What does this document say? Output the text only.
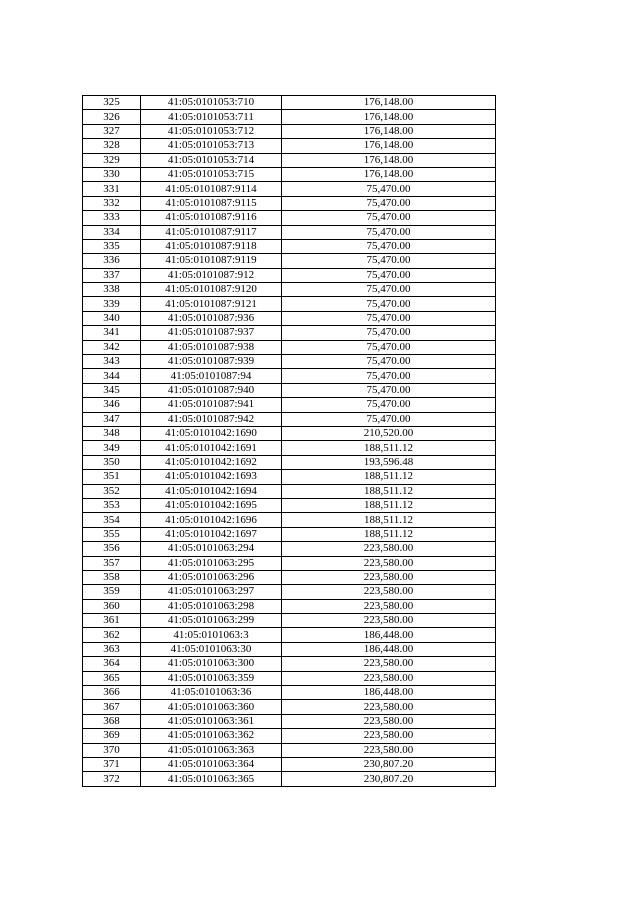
325	41:05:0101053:710	176,148.00
326	41:05:0101053:711	176,148.00
327	41:05:0101053:712	176,148.00
328	41:05:0101053:713	176,148.00
329	41:05:0101053:714	176,148.00
330	41:05:0101053:715	176,148.00
331	41:05:0101087:9114	75,470.00
332	41:05:0101087:9115	75,470.00
333	41:05:0101087:9116	75,470.00
334	41:05:0101087:9117	75,470.00
335	41:05:0101087:9118	75,470.00
336	41:05:0101087:9119	75,470.00
337	41:05:0101087:912	75,470.00
338	41:05:0101087:9120	75,470.00
339	41:05:0101087:9121	75,470.00
340	41:05:0101087:936	75,470.00
341	41:05:0101087:937	75,470.00
342	41:05:0101087:938	75,470.00
343	41:05:0101087:939	75,470.00
344	41:05:0101087:94	75,470.00
345	41:05:0101087:940	75,470.00
346	41:05:0101087:941	75,470.00
347	41:05:0101087:942	75,470.00
348	41:05:0101042:1690	210,520.00
349	41:05:0101042:1691	188,511.12
350	41:05:0101042:1692	193,596.48
351	41:05:0101042:1693	188,511.12
352	41:05:0101042:1694	188,511.12
353	41:05:0101042:1695	188,511.12
354	41:05:0101042:1696	188,511.12
355	41:05:0101042:1697	188,511.12
356	41:05:0101063:294	223,580.00
357	41:05:0101063:295	223,580.00
358	41:05:0101063:296	223,580.00
359	41:05:0101063:297	223,580.00
360	41:05:0101063:298	223,580.00
361	41:05:0101063:299	223,580.00
362	41:05:0101063:3	186,448.00
363	41:05:0101063:30	186,448.00
364	41:05:0101063:300	223,580.00
365	41:05:0101063:359	223,580.00
366	41:05:0101063:36	186,448.00
367	41:05:0101063:360	223,580.00
368	41:05:0101063:361	223,580.00
369	41:05:0101063:362	223,580.00
370	41:05:0101063:363	223,580.00
371	41:05:0101063:364	230,807.20
372	41:05:0101063:365	230,807.20
